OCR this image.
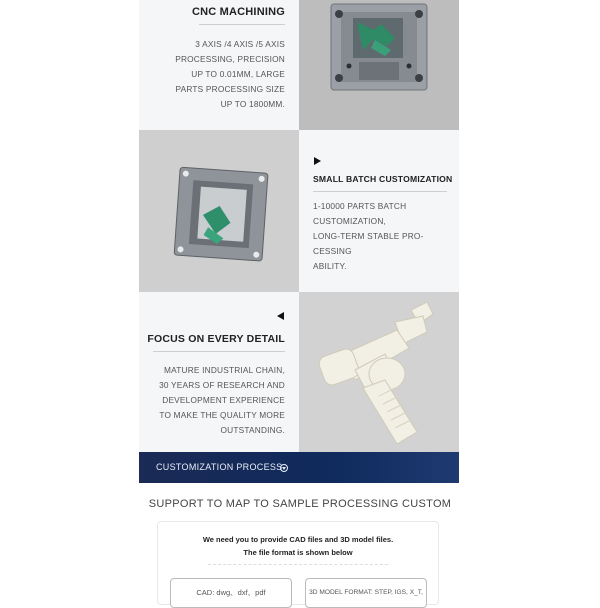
CNC MACHINING
3 AXIS /4 AXIS /5 AXIS
PROCESSING, PRECISION
UP TO 0.01MM, LARGE
PARTS PROCESSING SIZE
UP TO 1800MM.
SMALL BATCH CUSTOMIZATION
1-10000 PARTS BATCH
CUSTOMIZATION,
LONG-TERM STABLE PRO-
CESSING
ABILITY.
FOCUS ON EVERY DETAIL
MATURE INDUSTRIAL CHAIN,
30 YEARS OF RESEARCH AND
DEVELOPMENT EXPERIENCE
TO MAKE THE QUALITY MORE
OUTSTANDING.
CUSTOMIZATION PROCESS
SUPPORT TO MAP TO SAMPLE PROCESSING CUSTOM
We need you to provide CAD files and 3D model files.
The file format is shown below
CAD: dwg、dxf、pdf	3D MODEL FORMAT: STEP, IGS, X_T,
